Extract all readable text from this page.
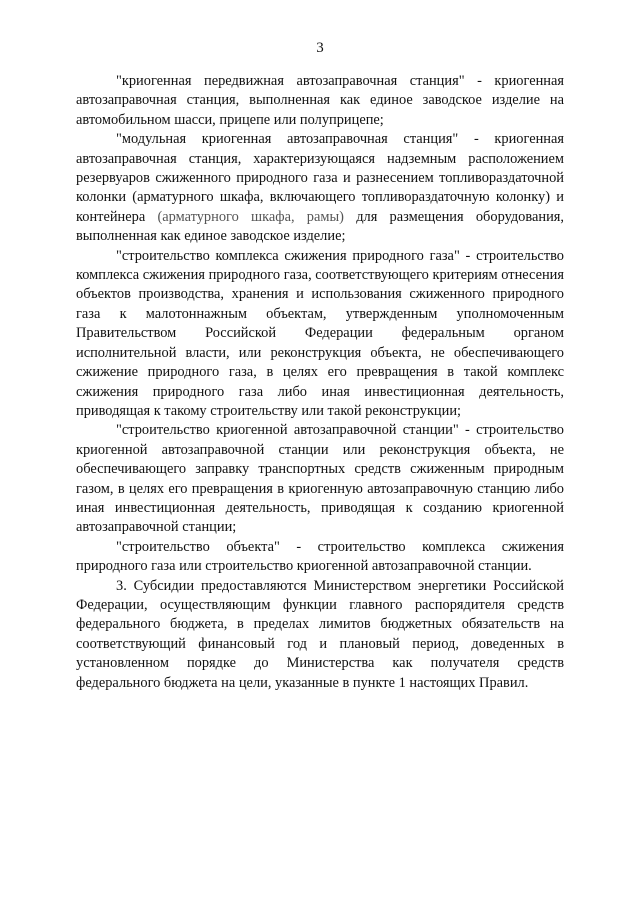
3

"криогенная передвижная автозаправочная станция" - криогенная автозаправочная станция, выполненная как единое заводское изделие на автомобильном шасси, прицепе или полуприцепе;

"модульная криогенная автозаправочная станция" - криогенная автозаправочная станция, характеризующаяся надземным расположением резервуаров сжиженного природного газа и разнесением топливораздаточной колонки (арматурного шкафа, включающего топливораздаточную колонку) и контейнера (арматурного шкафа, рамы) для размещения оборудования, выполненная как единое заводское изделие;

"строительство комплекса сжижения природного газа" - строительство комплекса сжижения природного газа, соответствующего критериям отнесения объектов производства, хранения и использования сжиженного природного газа к малотоннажным объектам, утвержденным уполномоченным Правительством Российской Федерации федеральным органом исполнительной власти, или реконструкция объекта, не обеспечивающего сжижение природного газа, в целях его превращения в такой комплекс сжижения природного газа либо иная инвестиционная деятельность, приводящая к такому строительству или такой реконструкции;

"строительство криогенной автозаправочной станции" - строительство криогенной автозаправочной станции или реконструкция объекта, не обеспечивающего заправку транспортных средств сжиженным природным газом, в целях его превращения в криогенную автозаправочную станцию либо иная инвестиционная деятельность, приводящая к созданию криогенной автозаправочной станции;

"строительство объекта" - строительство комплекса сжижения природного газа или строительство криогенной автозаправочной станции.

3. Субсидии предоставляются Министерством энергетики Российской Федерации, осуществляющим функции главного распорядителя средств федерального бюджета, в пределах лимитов бюджетных обязательств на соответствующий финансовый год и плановый период, доведенных в установленном порядке до Министерства как получателя средств федерального бюджета на цели, указанные в пункте 1 настоящих Правил.
